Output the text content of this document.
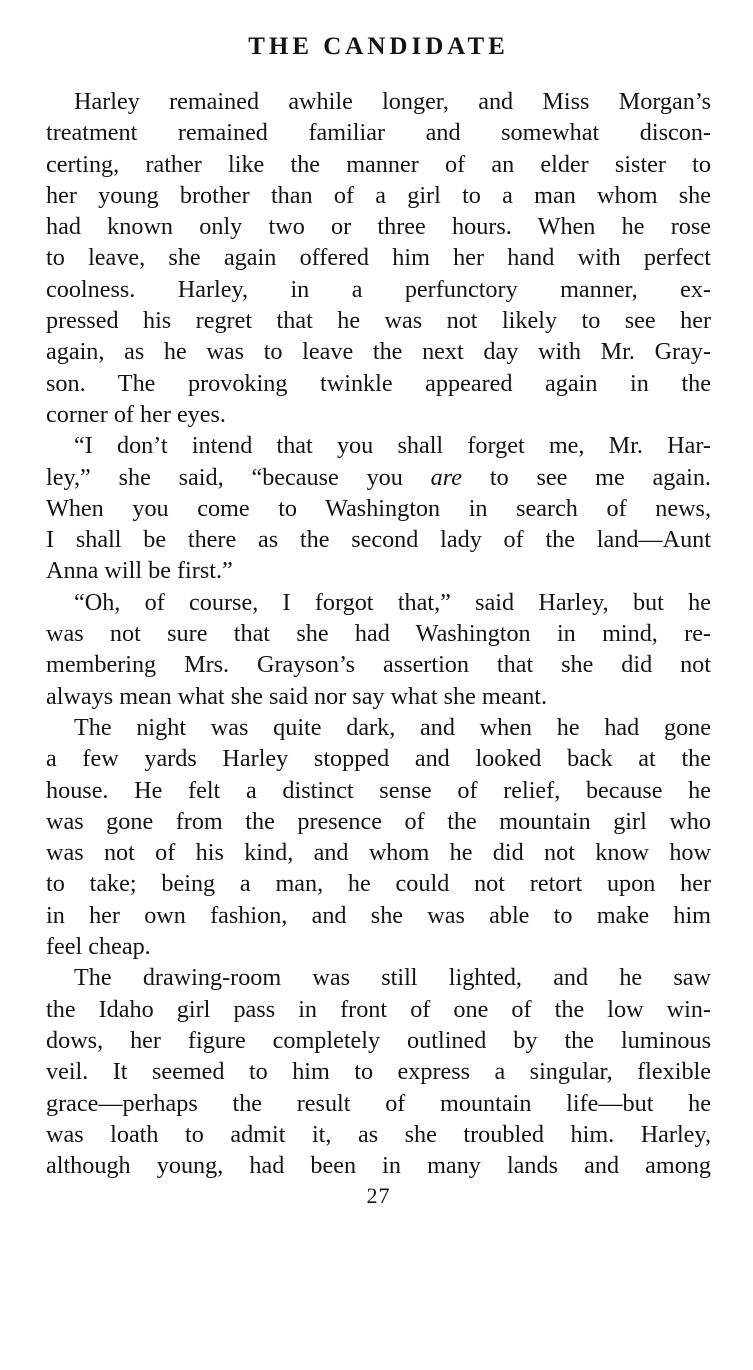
THE CANDIDATE

Harley remained awhile longer, and Miss Morgan’s
treatment remained familiar and somewhat discon-
certing, rather like the manner of an elder sister to
her young brother than of a girl to a man whom she
had known only two or three hours. When he rose
to leave, she again offered him her hand with perfect
coolness. Harley, in a perfunctory manner, ex-
pressed his regret that he was not likely to see her
again, as he was to leave the next day with Mr. Gray-
son. The provoking twinkle appeared again in the
corner of her eyes.

“I don’t intend that you shall forget me, Mr. Har-
ley,” she said, “because you are to see me again.
When you come to Washington in search of news,
I shall be there as the second lady of the land—Aunt
Anna will be first.”

“Oh, of course, I forgot that,” said Harley, but he
was not sure that she had Washington in mind, re-
membering Mrs. Grayson’s assertion that she did not
always mean what she said nor say what she meant.

The night was quite dark, and when he had gone
a few yards Harley stopped and looked back at the
house. He felt a distinct sense of relief, because he
was gone from the presence of the mountain girl who
was not of his kind, and whom he did not know how
to take; being a man, he could not retort upon her
in her own fashion, and she was able to make him
feel cheap.

The drawing-room was still lighted, and he saw
the Idaho girl pass in front of one of the low win-
dows, her figure completely outlined by the luminous
veil. It seemed to him to express a singular, flexible
grace—perhaps the result of mountain life—but he
was loath to admit it, as she troubled him. Harley,
although young, had been in many lands and among

27
